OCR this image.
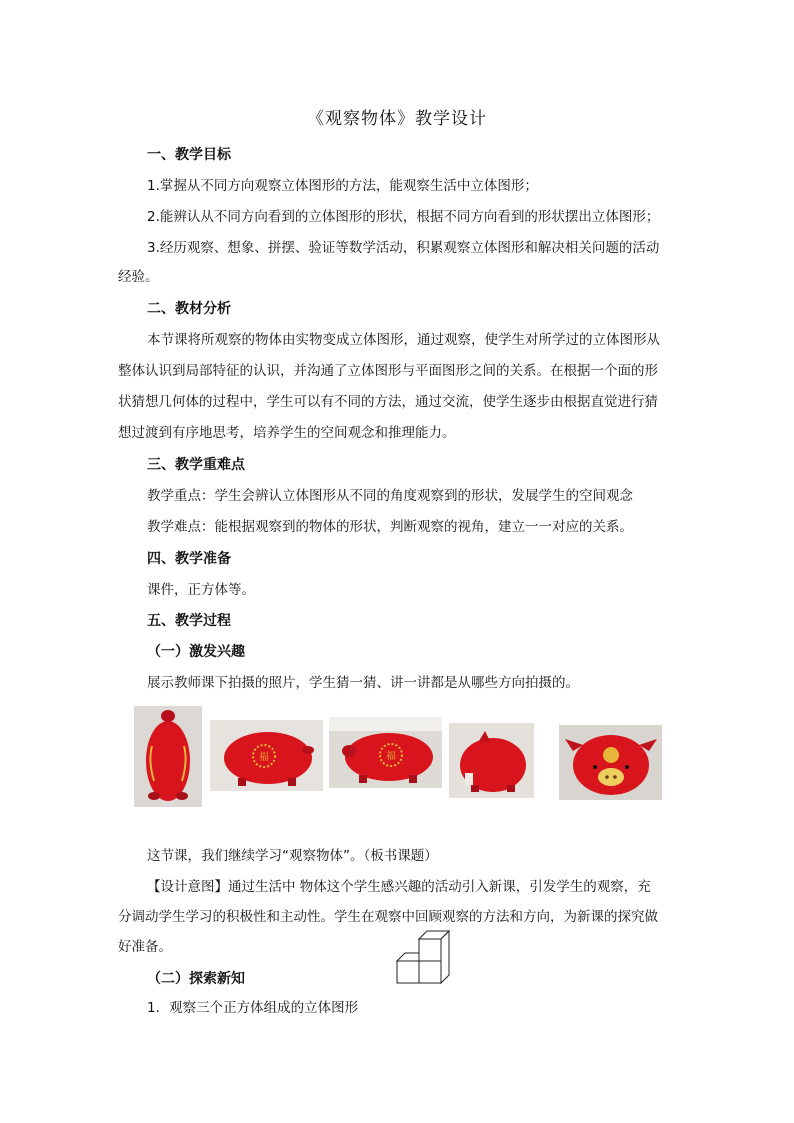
《观察物体》教学设计
一、教学目标
1.掌握从不同方向观察立体图形的方法，能观察生活中立体图形；
2.能辨认从不同方向看到的立体图形的形状，根据不同方向看到的形状摆出立体图形；
3.经历观察、想象、拼摆、验证等数学活动，积累观察立体图形和解决相关问题的活动
经验。
二、教材分析
本节课将所观察的物体由实物变成立体图形，通过观察，使学生对所学过的立体图形从
整体认识到局部特征的认识，并沟通了立体图形与平面图形之间的关系。在根据一个面的形
状猜想几何体的过程中，学生可以有不同的方法，通过交流，使学生逐步由根据直觉进行猜
想过渡到有序地思考，培养学生的空间观念和推理能力。
三、教学重难点
教学重点：学生会辨认立体图形从不同的角度观察到的形状，发展学生的空间观念
教学难点：能根据观察到的物体的形状，判断观察的视角，建立一一对应的关系。
四、教学准备
课件，正方体等。
五、教学过程
（一）激发兴趣
展示教师课下拍摄的照片，学生猜一猜、讲一讲都是从哪些方向拍摄的。
福	福
这节课，我们继续学习“观察物体”。（板书课题）
【设计意图】通过生活中 物体这个学生感兴趣的活动引入新课，引发学生的观察，充
分调动学生学习的积极性和主动性。学生在观察中回顾观察的方法和方向，为新课的探究做
好准备。
（二）探索新知
1．观察三个正方体组成的立体图形
